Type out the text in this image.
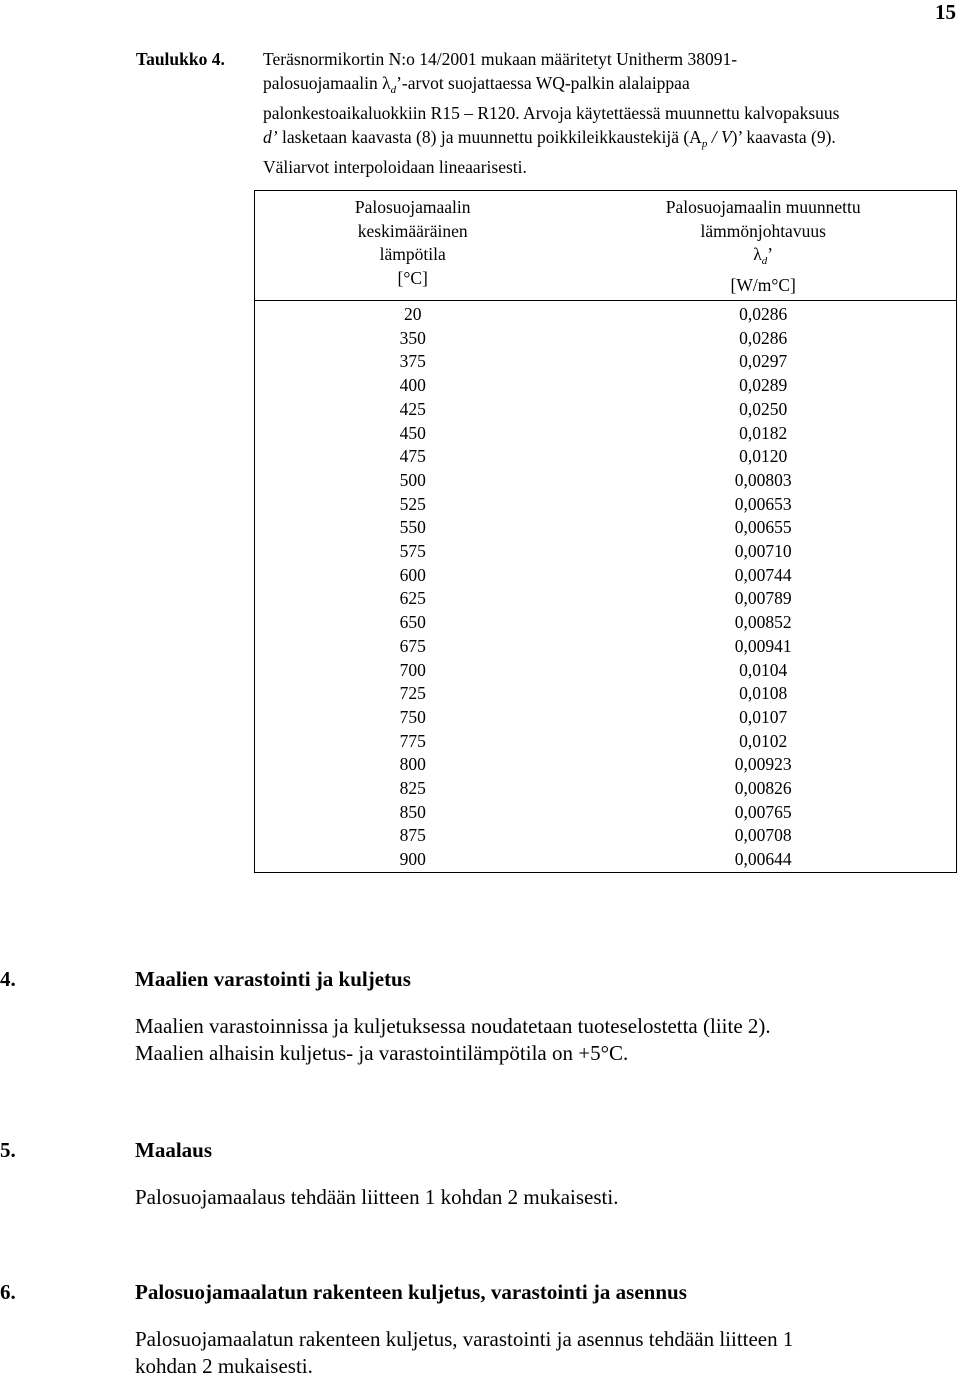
15
Taulukko 4. Teräsnormikortin N:o 14/2001 mukaan määritetyt Unitherm 38091-
palosuojamaalin $\lambda_d$’-arvot suojattaessa WQ-palkin alalaippaa
palonkestoaikaluokkiin R15 – R120. Arvoja käytettäessä muunnettu kalvopaksuus
d’ lasketaan kaavasta (8) ja muunnettu poikkileikkaustekijä $(A_p / V)$’ kaavasta (9).
Väliarvot interpoloidaan lineaarisesti.
Palosuojamaalin
keskimääräinen
lämpötila
[°C]	Palosuojamaalin muunnettu
lämmönjohtavuus
$\lambda_d$’
[W/m°C]

20	0,0286
350	0,0286
375	0,0297
400	0,0289
425	0,0250
450	0,0182
475	0,0120
500	0,00803
525	0,00653
550	0,00655
575	0,00710
600	0,00744
625	0,00789
650	0,00852
675	0,00941
700	0,0104
725	0,0108
750	0,0107
775	0,0102
800	0,00923
825	0,00826
850	0,00765
875	0,00708
900	0,00644
4.	Maalien varastointi ja kuljetus

Maalien varastoinnissa ja kuljetuksessa noudatetaan tuoteselostetta (liite 2).

Maalien alhaisin kuljetus- ja varastointilämpötila on +5°C.

5.	Maalaus

Palosuojamaalaus tehdään liitteen 1 kohdan 2 mukaisesti.

6.	Palosuojamaalatun rakenteen kuljetus, varastointi ja asennus

Palosuojamaalatun rakenteen kuljetus, varastointi ja asennus tehdään liitteen 1

kohdan 2 mukaisesti.
